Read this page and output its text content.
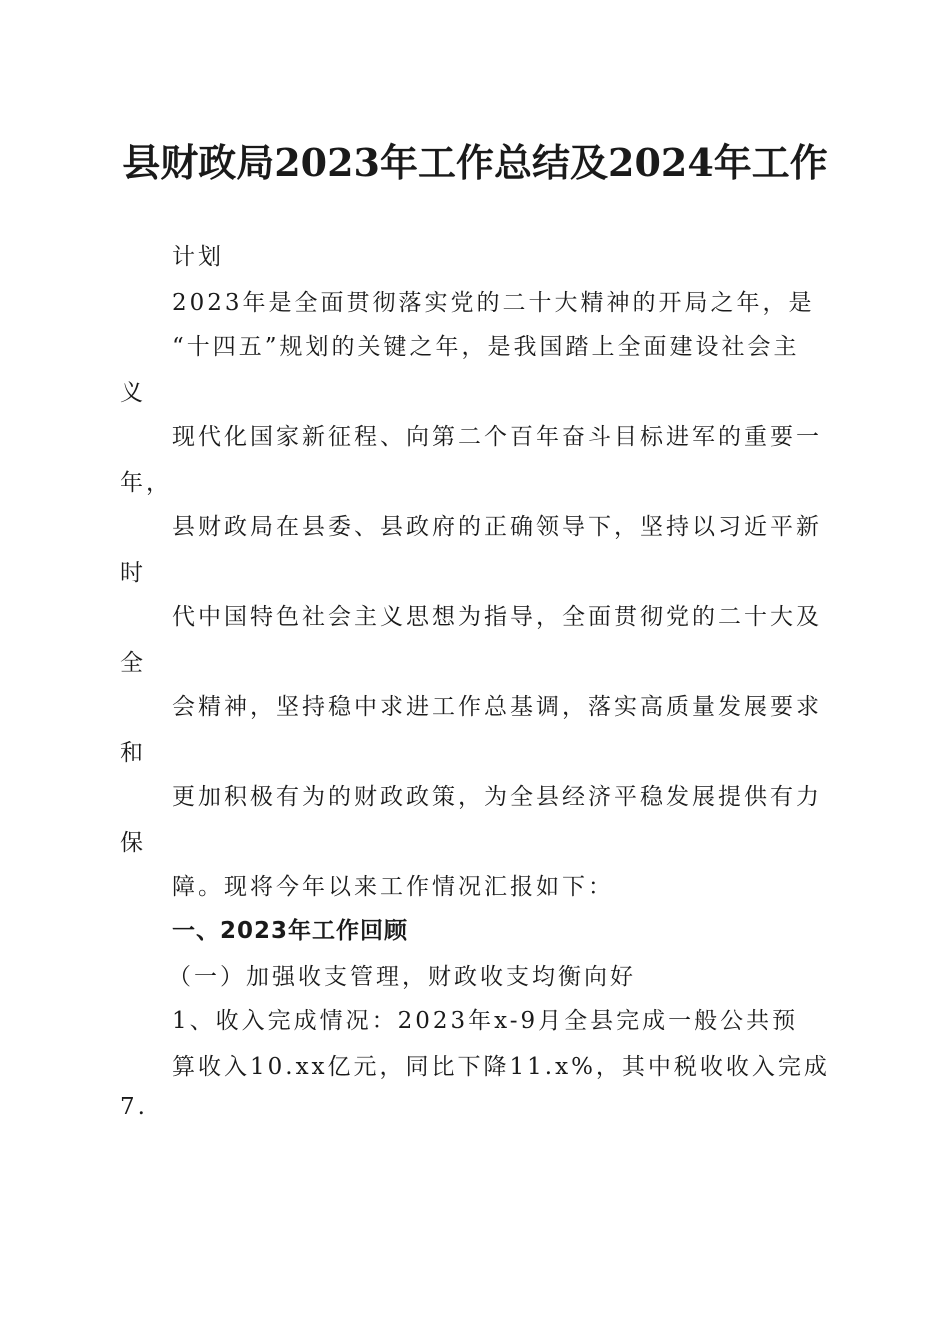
县财政局2023年工作总结及2024年工作
计划
2023年是全面贯彻落实党的二十大精神的开局之年，是
“十四五”规划的关键之年，是我国踏上全面建设社会主
义
现代化国家新征程、向第二个百年奋斗目标进军的重要一
年，
县财政局在县委、县政府的正确领导下，坚持以习近平新
时
代中国特色社会主义思想为指导，全面贯彻党的二十大及
全
会精神，坚持稳中求进工作总基调，落实高质量发展要求
和
更加积极有为的财政政策，为全县经济平稳发展提供有力
保
障。现将今年以来工作情况汇报如下：
一、2023年工作回顾
（一）加强收支管理，财政收支均衡向好
1、收入完成情况：2023年x-9月全县完成一般公共预
算收入10.xx亿元，同比下降11.x%，其中税收收入完成
7.
